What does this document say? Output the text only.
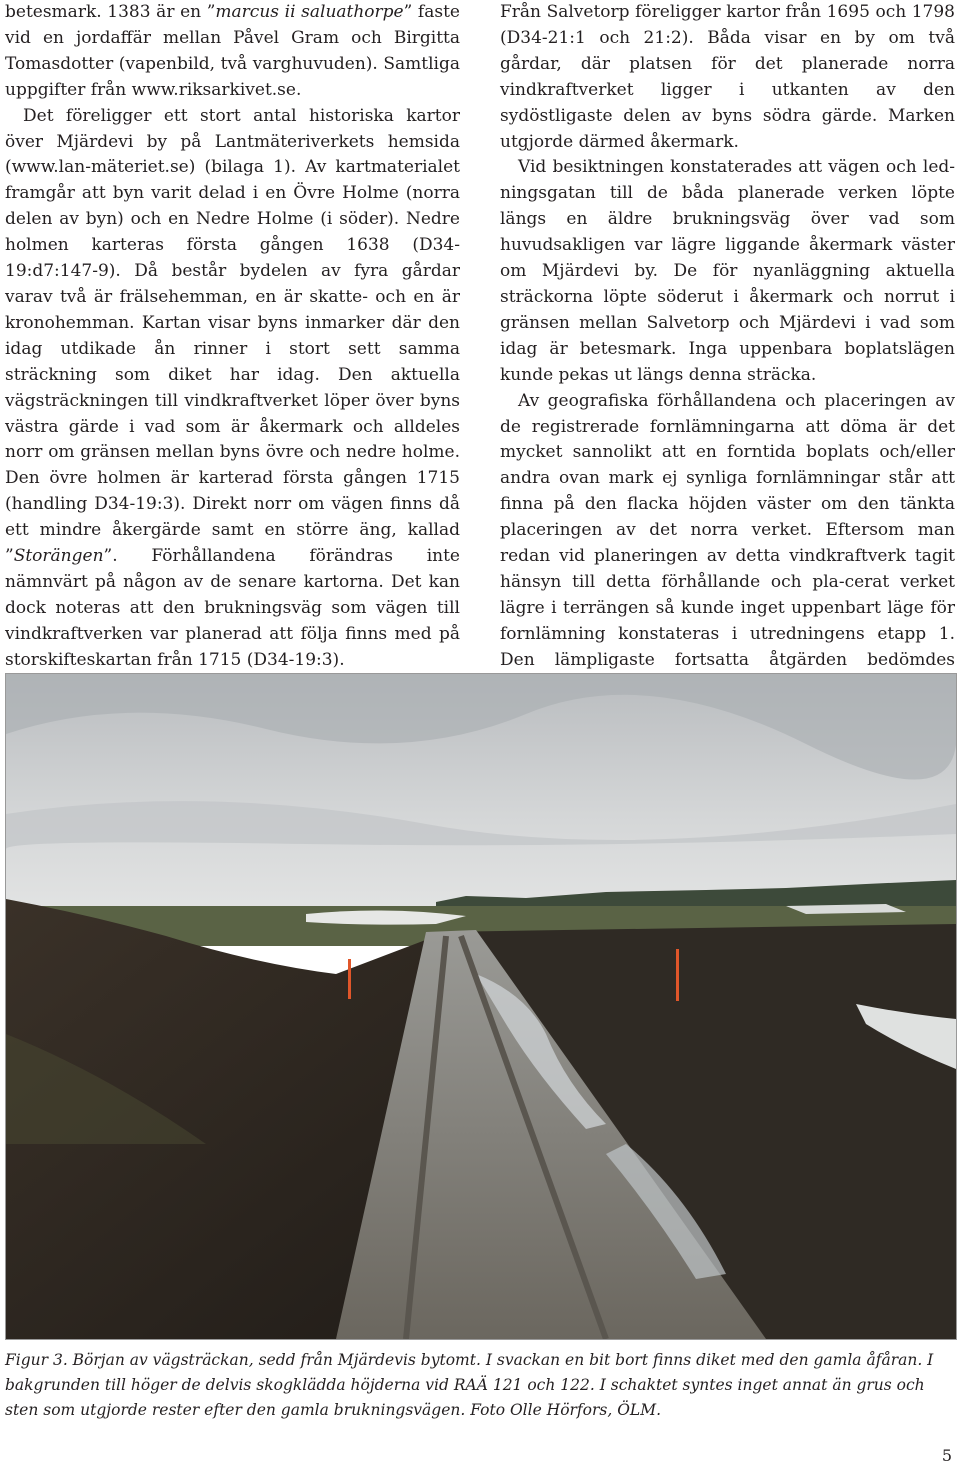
betesmark. 1383 är en ”marcus ii saluathorpe” faste vid en jordaffär mellan Påvel Gram och Birgitta Tomasdotter (vapenbild, två varghuvuden). Samtliga uppgifter från www.riksarkivet.se.

Det föreligger ett stort antal historiska kartor över Mjärdevi by på Lantmäteriverkets hemsida (www.lan-mäteriet.se) (bilaga 1). Av kartmaterialet framgår att byn varit delad i en Övre Holme (norra delen av byn) och en Nedre Holme (i söder). Nedre holmen karteras första gången 1638 (D34-19:d7:147-9). Då består bydelen av fyra gårdar varav två är frälsehemman, en är skatte- och en är kronohemman. Kartan visar byns inmarker där den idag utdikade ån rinner i stort sett samma sträckning som diket har idag. Den aktuella vägsträckningen till vindkraftverket löper över byns västra gärde i vad som är åkermark och alldeles norr om gränsen mellan byns övre och nedre holme. Den övre holmen är karterad första gången 1715 (handling D34-19:3). Direkt norr om vägen finns då ett mindre åkergärde samt en större äng, kallad ”Storängen”. Förhållandena förändras inte nämnvärt på någon av de senare kartorna. Det kan dock noteras att den brukningsväg som vägen till vindkraftverken var planerad att följa finns med på storskifteskartan från 1715 (D34-19:3).

Från Salvetorp föreligger kartor från 1695 och 1798 (D34-21:1 och 21:2). Båda visar en by om två gårdar, där platsen för det planerade norra vindkraftverket ligger i utkanten av den sydöstligaste delen av byns södra gärde. Marken utgjorde därmed åkermark.

Vid besiktningen konstaterades att vägen och led-ningsgatan till de båda planerade verken löpte längs en äldre brukningsväg över vad som huvudsakligen var lägre liggande åkermark väster om Mjärdevi by. De för nyanläggning aktuella sträckorna löpte söderut i åkermark och norrut i gränsen mellan Salvetorp och Mjärdevi i vad som idag är betesmark. Inga uppenbara boplatslägen kunde pekas ut längs denna sträcka.

Av geografiska förhållandena och placeringen av de registrerade fornlämningarna att döma är det mycket sannolikt att en forntida boplats och/eller andra ovan mark ej synliga fornlämningar står att finna på den flacka höjden väster om den tänkta placeringen av det norra verket. Eftersom man redan vid planeringen av detta vindkraftverk tagit hänsyn till detta förhållande och pla-cerat verket lägre i terrängen så kunde inget uppenbart läge för fornlämning konstateras i utredningens etapp 1. Den lämpligaste fortsatta åtgärden bedömdes

Figur 3. Början av vägsträckan, sedd från Mjärdevis bytomt. I svackan en bit bort finns diket med den gamla åfåran. I bakgrunden till höger de delvis skogklädda höjderna vid RAÄ 121 och 122. I schaktet syntes inget annat än grus och sten som utgjorde rester efter den gamla brukningsvägen. Foto Olle Hörfors, ÖLM.
5
